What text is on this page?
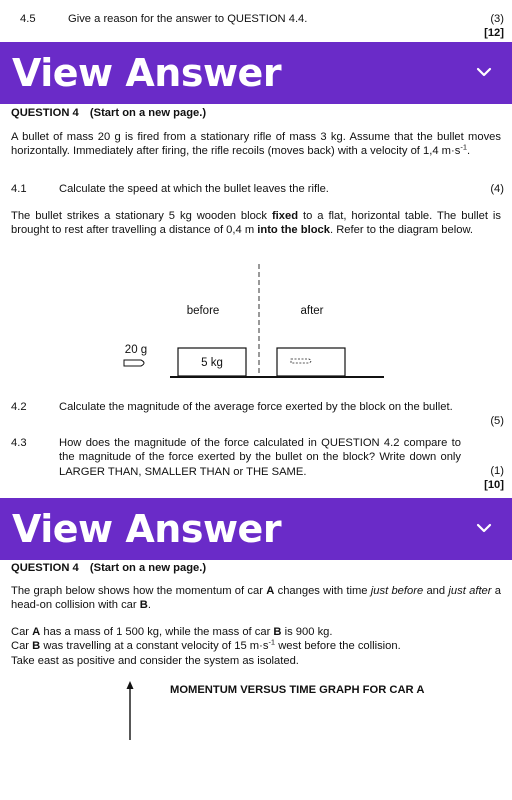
4.5	Give a reason for the answer to QUESTION 4.4.	(3)
[12]
View Answer
QUESTION 4 (Start on a new page.)
A bullet of mass 20 g is fired from a stationary rifle of mass 3 kg. Assume that the bullet moves horizontally. Immediately after firing, the rifle recoils (moves back) with a velocity of 1,4 $m\cdot s^{-1}$.
4.1	Calculate the speed at which the bullet leaves the rifle.	(4)
The bullet strikes a stationary 5 kg wooden block fixed to a flat, horizontal table. The bullet is brought to rest after travelling a distance of 0,4 m into the block. Refer to the diagram below.
before	after
20 g
5 kg
4.2	Calculate the magnitude of the average force exerted by the block on the bullet.
(5)
4.3	How does the magnitude of the force calculated in QUESTION 4.2 compare to the magnitude of the force exerted by the bullet on the block? Write down only LARGER THAN, SMALLER THAN or THE SAME.	(1)
[10]
View Answer
QUESTION 4 (Start on a new page.)
The graph below shows how the momentum of car A changes with time just before and just after a head-on collision with car B.
Car A has a mass of 1 500 kg, while the mass of car B is 900 kg.
Car B was travelling at a constant velocity of 15 $m\cdot s^{-1}$ west before the collision.
Take east as positive and consider the system as isolated.
MOMENTUM VERSUS TIME GRAPH FOR CAR A
